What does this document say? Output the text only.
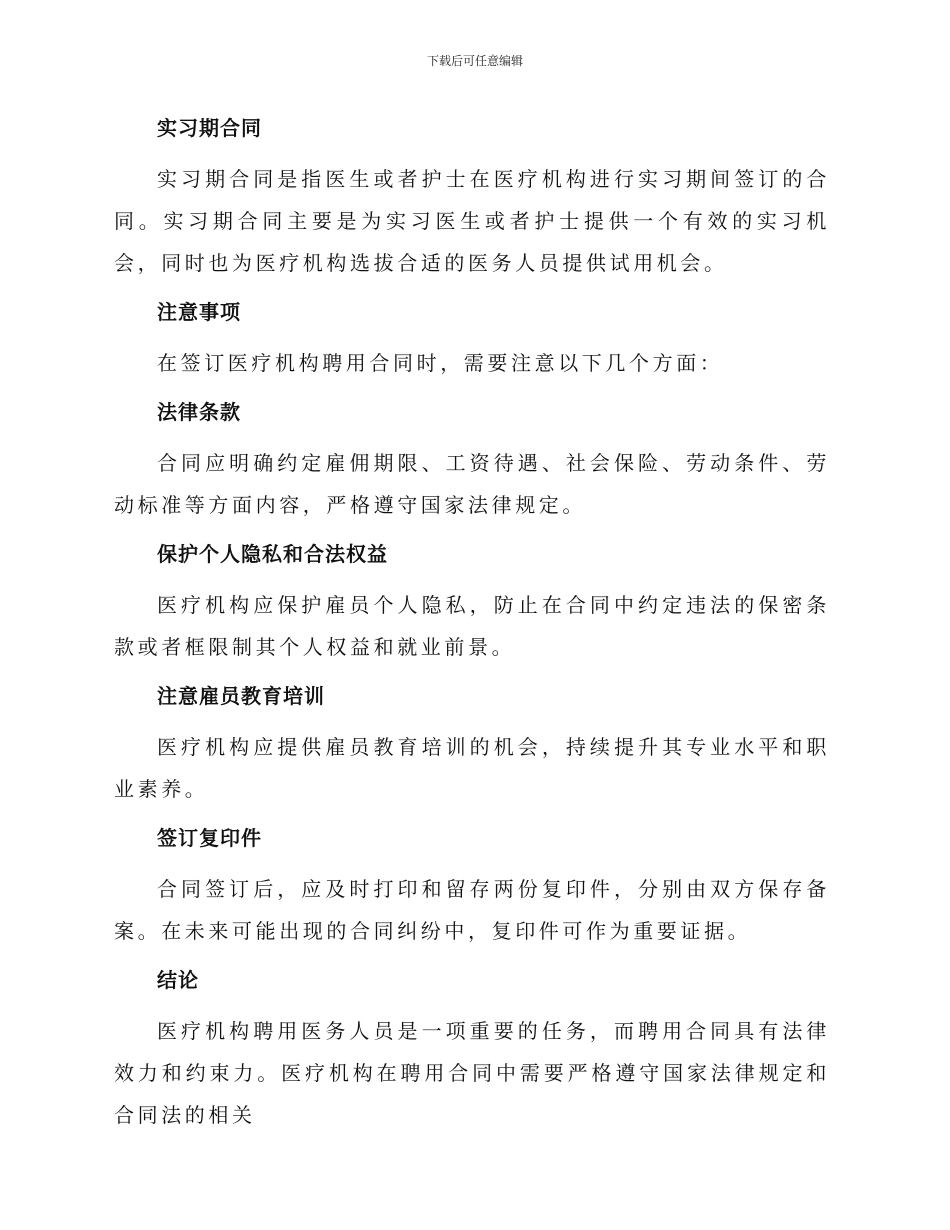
下载后可任意编辑
实习期合同

实习期合同是指医生或者护士在医疗机构进行实习期间签订的合同。实习期合同主要是为实习医生或者护士提供一个有效的实习机会，同时也为医疗机构选拔合适的医务人员提供试用机会。

注意事项

在签订医疗机构聘用合同时，需要注意以下几个方面：

法律条款

合同应明确约定雇佣期限、工资待遇、社会保险、劳动条件、劳动标准等方面内容，严格遵守国家法律规定。

保护个人隐私和合法权益

医疗机构应保护雇员个人隐私，防止在合同中约定违法的保密条款或者框限制其个人权益和就业前景。

注意雇员教育培训

医疗机构应提供雇员教育培训的机会，持续提升其专业水平和职业素养。

签订复印件

合同签订后，应及时打印和留存两份复印件，分别由双方保存备案。在未来可能出现的合同纠纷中，复印件可作为重要证据。

结论

医疗机构聘用医务人员是一项重要的任务，而聘用合同具有法律效力和约束力。医疗机构在聘用合同中需要严格遵守国家法律规定和合同法的相关
